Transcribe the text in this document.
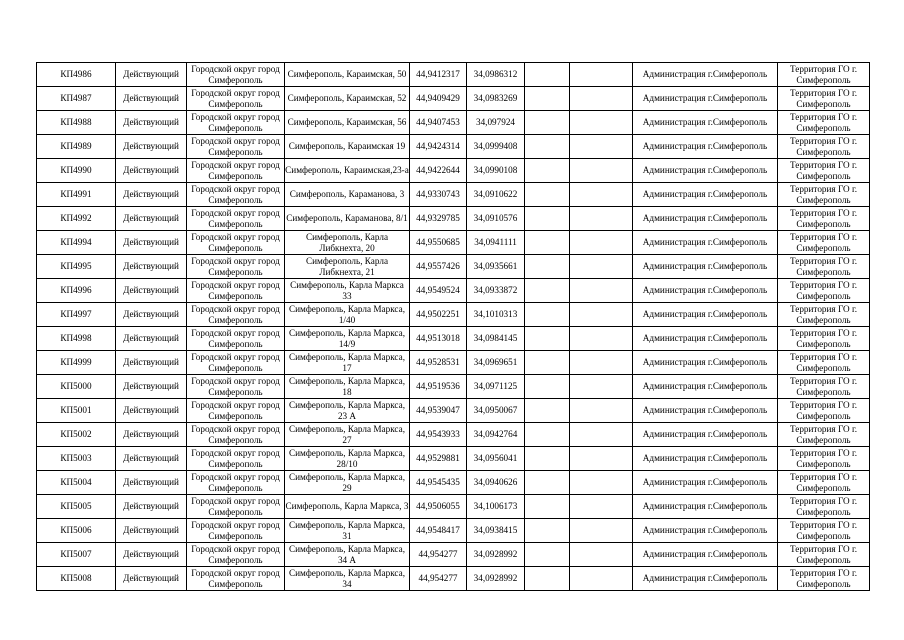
КП4986	Действующий	Городской округ город Симферополь	Симферополь, Караимская, 50	44,9412317	34,0986312			Администрация г.Симферополь	Территория ГО г. Симферополь
КП4987	Действующий	Городской округ город Симферополь	Симферополь, Караимская, 52	44,9409429	34,0983269			Администрация г.Симферополь	Территория ГО г. Симферополь
КП4988	Действующий	Городской округ город Симферополь	Симферополь, Караимская, 56	44,9407453	34,097924			Администрация г.Симферополь	Территория ГО г. Симферополь
КП4989	Действующий	Городской округ город Симферополь	Симферополь, Караимская 19	44,9424314	34,0999408			Администрация г.Симферополь	Территория ГО г. Симферополь
КП4990	Действующий	Городской округ город Симферополь	Симферополь, Караимская,23-а	44,9422644	34,0990108			Администрация г.Симферополь	Территория ГО г. Симферополь
КП4991	Действующий	Городской округ город Симферополь	Симферополь, Караманова, 3	44,9330743	34,0910622			Администрация г.Симферополь	Территория ГО г. Симферополь
КП4992	Действующий	Городской округ город Симферополь	Симферополь, Караманова, 8/1	44,9329785	34,0910576			Администрация г.Симферополь	Территория ГО г. Симферополь
КП4994	Действующий	Городской округ город Симферополь	Симферополь, Карла Либкнехта, 20	44,9550685	34,0941111			Администрация г.Симферополь	Территория ГО г. Симферополь
КП4995	Действующий	Городской округ город Симферополь	Симферополь, Карла Либкнехта, 21	44,9557426	34,0935661			Администрация г.Симферополь	Территория ГО г. Симферополь
КП4996	Действующий	Городской округ город Симферополь	Симферополь, Карла Маркса 33	44,9549524	34,0933872			Администрация г.Симферополь	Территория ГО г. Симферополь
КП4997	Действующий	Городской округ город Симферополь	Симферополь, Карла Маркса, 1/40	44,9502251	34,1010313			Администрация г.Симферополь	Территория ГО г. Симферополь
КП4998	Действующий	Городской округ город Симферополь	Симферополь, Карла Маркса, 14/9	44,9513018	34,0984145			Администрация г.Симферополь	Территория ГО г. Симферополь
КП4999	Действующий	Городской округ город Симферополь	Симферополь, Карла Маркса, 17	44,9528531	34,0969651			Администрация г.Симферополь	Территория ГО г. Симферополь
КП5000	Действующий	Городской округ город Симферополь	Симферополь, Карла Маркса, 18	44,9519536	34,0971125			Администрация г.Симферополь	Территория ГО г. Симферополь
КП5001	Действующий	Городской округ город Симферополь	Симферополь, Карла Маркса, 23 А	44,9539047	34,0950067			Администрация г.Симферополь	Территория ГО г. Симферополь
КП5002	Действующий	Городской округ город Симферополь	Симферополь, Карла Маркса, 27	44,9543933	34,0942764			Администрация г.Симферополь	Территория ГО г. Симферополь
КП5003	Действующий	Городской округ город Симферополь	Симферополь, Карла Маркса, 28/10	44,9529881	34,0956041			Администрация г.Симферополь	Территория ГО г. Симферополь
КП5004	Действующий	Городской округ город Симферополь	Симферополь, Карла Маркса, 29	44,9545435	34,0940626			Администрация г.Симферополь	Территория ГО г. Симферополь
КП5005	Действующий	Городской округ город Симферополь	Симферополь, Карла Маркса, 3	44,9506055	34,1006173			Администрация г.Симферополь	Территория ГО г. Симферополь
КП5006	Действующий	Городской округ город Симферополь	Симферополь, Карла Маркса, 31	44,9548417	34,0938415			Администрация г.Симферополь	Территория ГО г. Симферополь
КП5007	Действующий	Городской округ город Симферополь	Симферополь, Карла Маркса, 34 А	44,954277	34,0928992			Администрация г.Симферополь	Территория ГО г. Симферополь
КП5008	Действующий	Городской округ город Симферополь	Симферополь, Карла Маркса, 34	44,954277	34,0928992			Администрация г.Симферополь	Территория ГО г. Симферополь
